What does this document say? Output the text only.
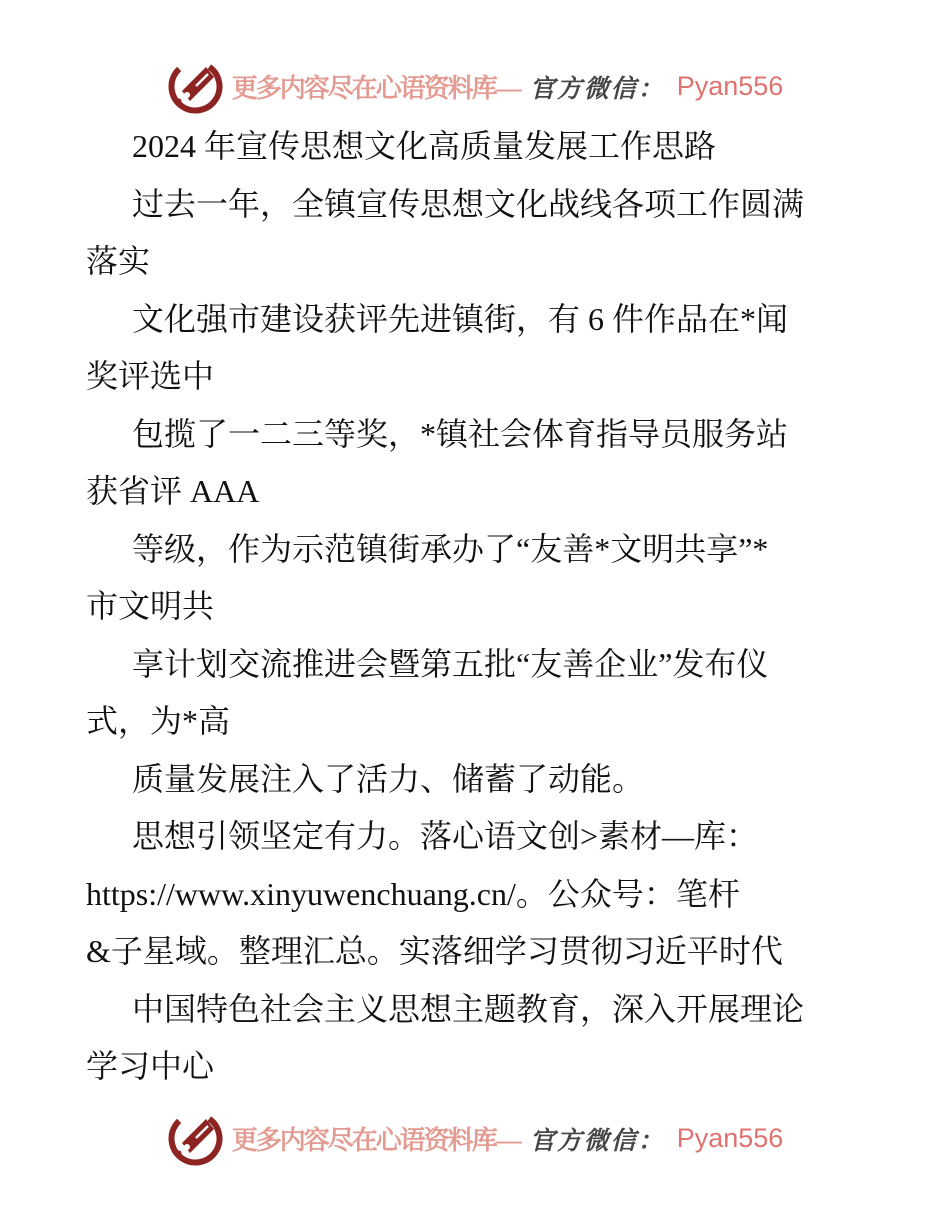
更多内容尽在心语资料库— 官方微信： Pyan556
2024 年宣传思想文化高质量发展工作思路
过去一年，全镇宣传思想文化战线各项工作圆满
落实
文化强市建设获评先进镇街，有 6 件作品在*闻
奖评选中
包揽了一二三等奖，*镇社会体育指导员服务站
获省评 AAA
等级，作为示范镇街承办了“友善*文明共享”*
市文明共
享计划交流推进会暨第五批“友善企业”发布仪
式，为*高
质量发展注入了活力、储蓄了动能。
思想引领坚定有力。落心语文创>素材—库：
https://www.xinyuwenchuang.cn/。公众号：笔杆
&子星域。整理汇总。实落细学习贯彻习近平时代
中国特色社会主义思想主题教育，深入开展理论
学习中心
更多内容尽在心语资料库— 官方微信： Pyan556
